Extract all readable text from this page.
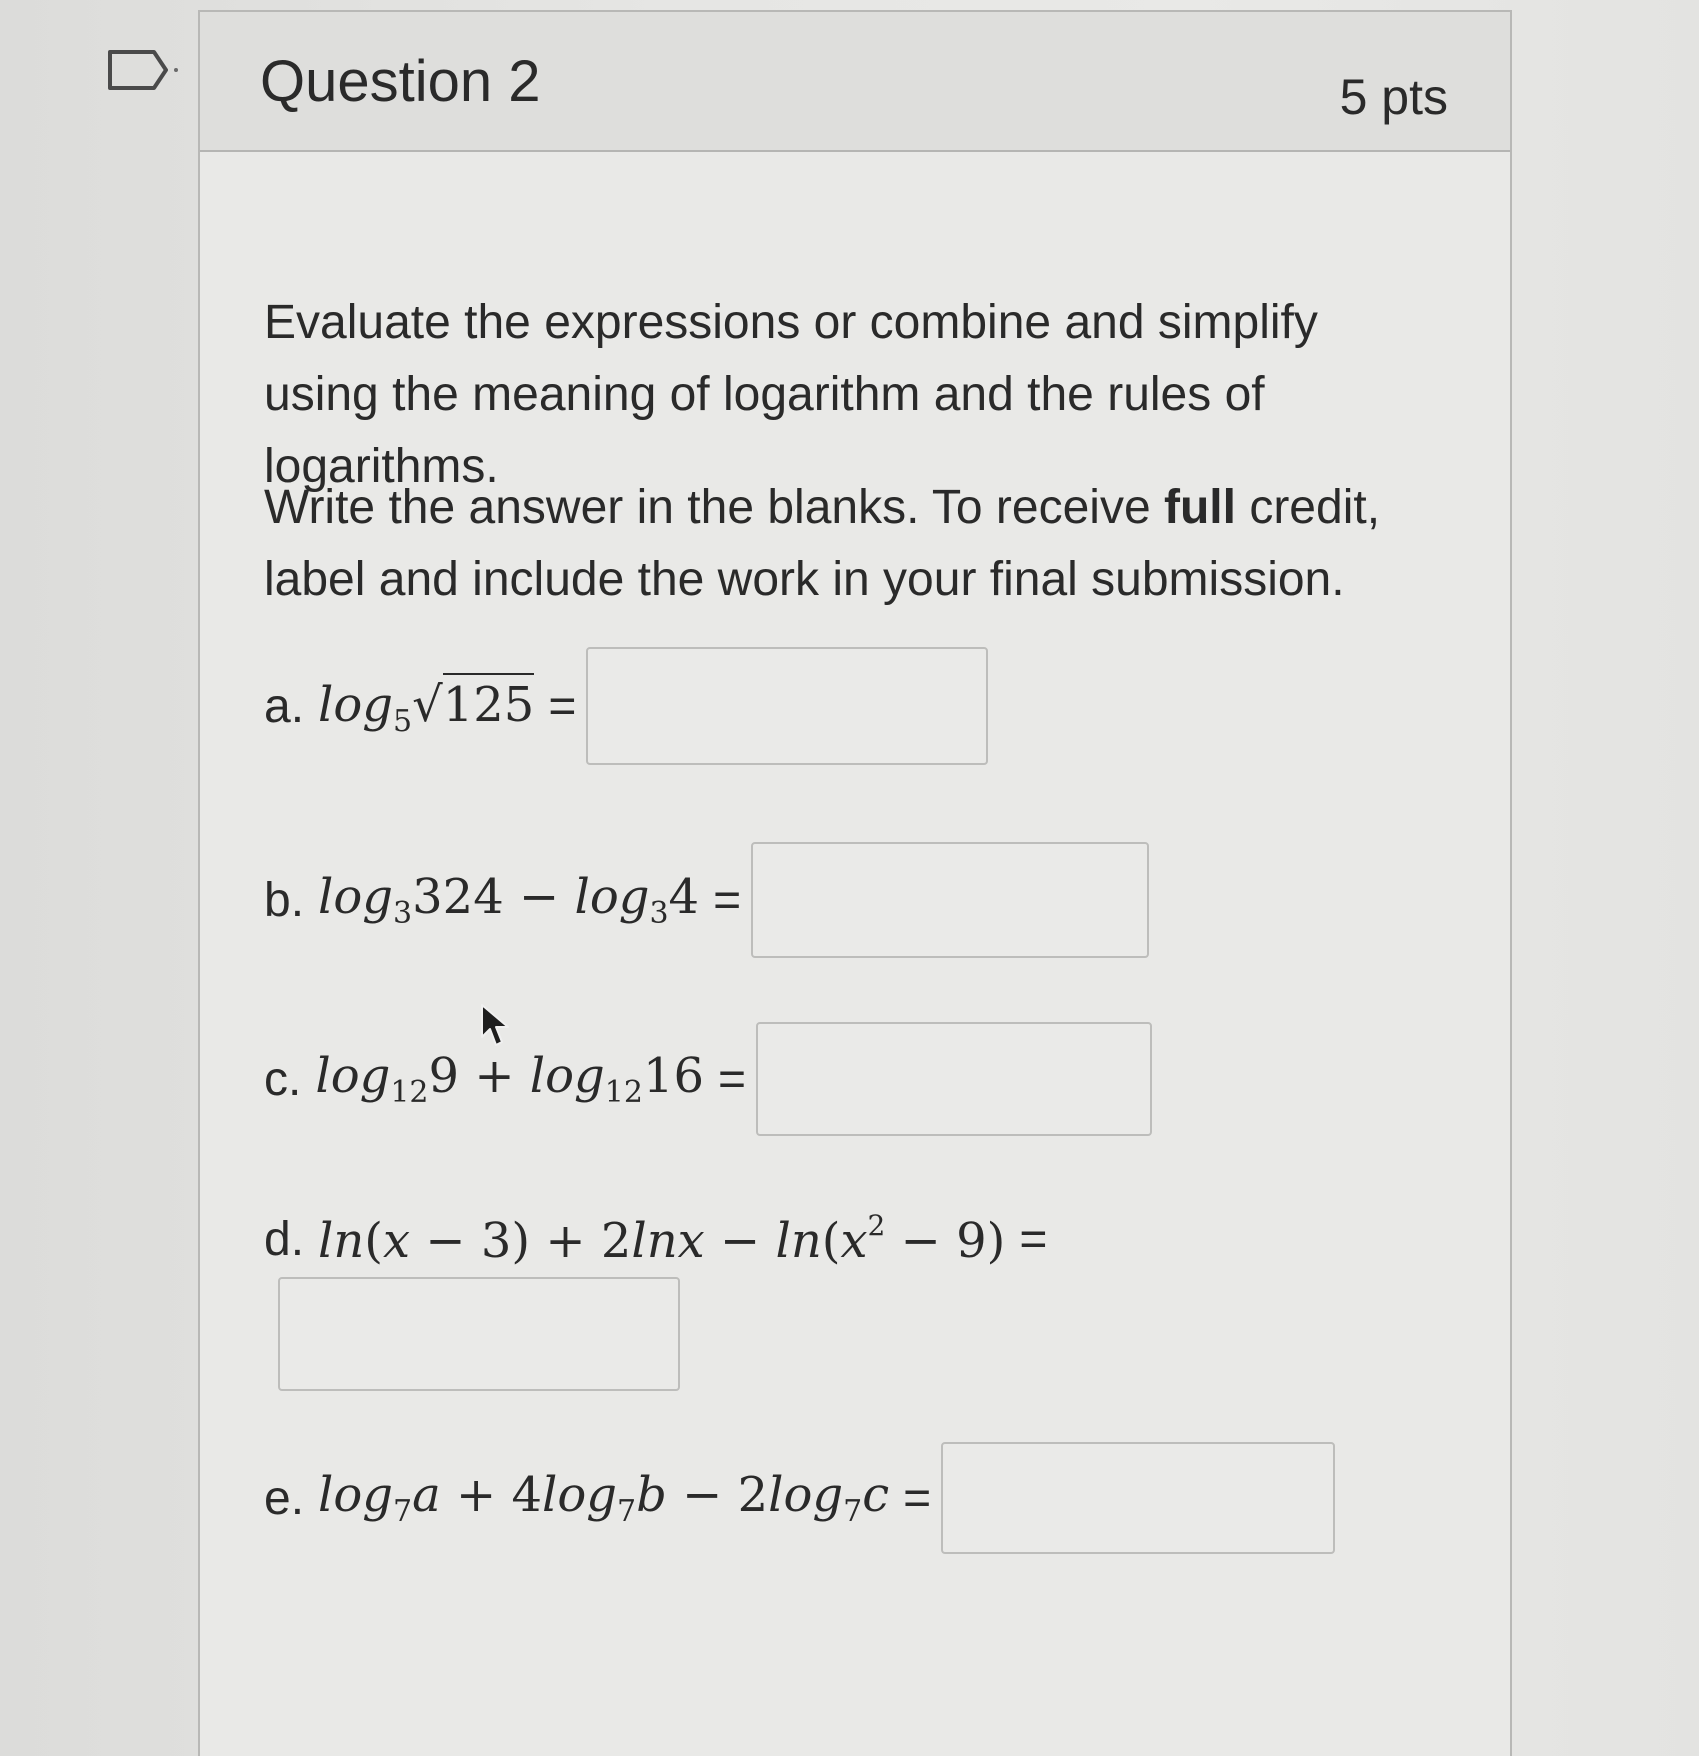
Question 2	5 pts
Evaluate the expressions or combine and simplify using the meaning of logarithm and the rules of logarithms.
Write the answer in the blanks. To receive full credit, label and include the work in your final submission.
a. $\log_5√125$ =
b. $\log_3324 - \log_34$ =
c. $\log_{12}9 + \log_{12}16$ =
d. $\ln(x - 3) + 2\ln x - \ln(x^2 - 9)$ =
e. $\log_7a + 4\log_7b - 2\log_7c$ =
